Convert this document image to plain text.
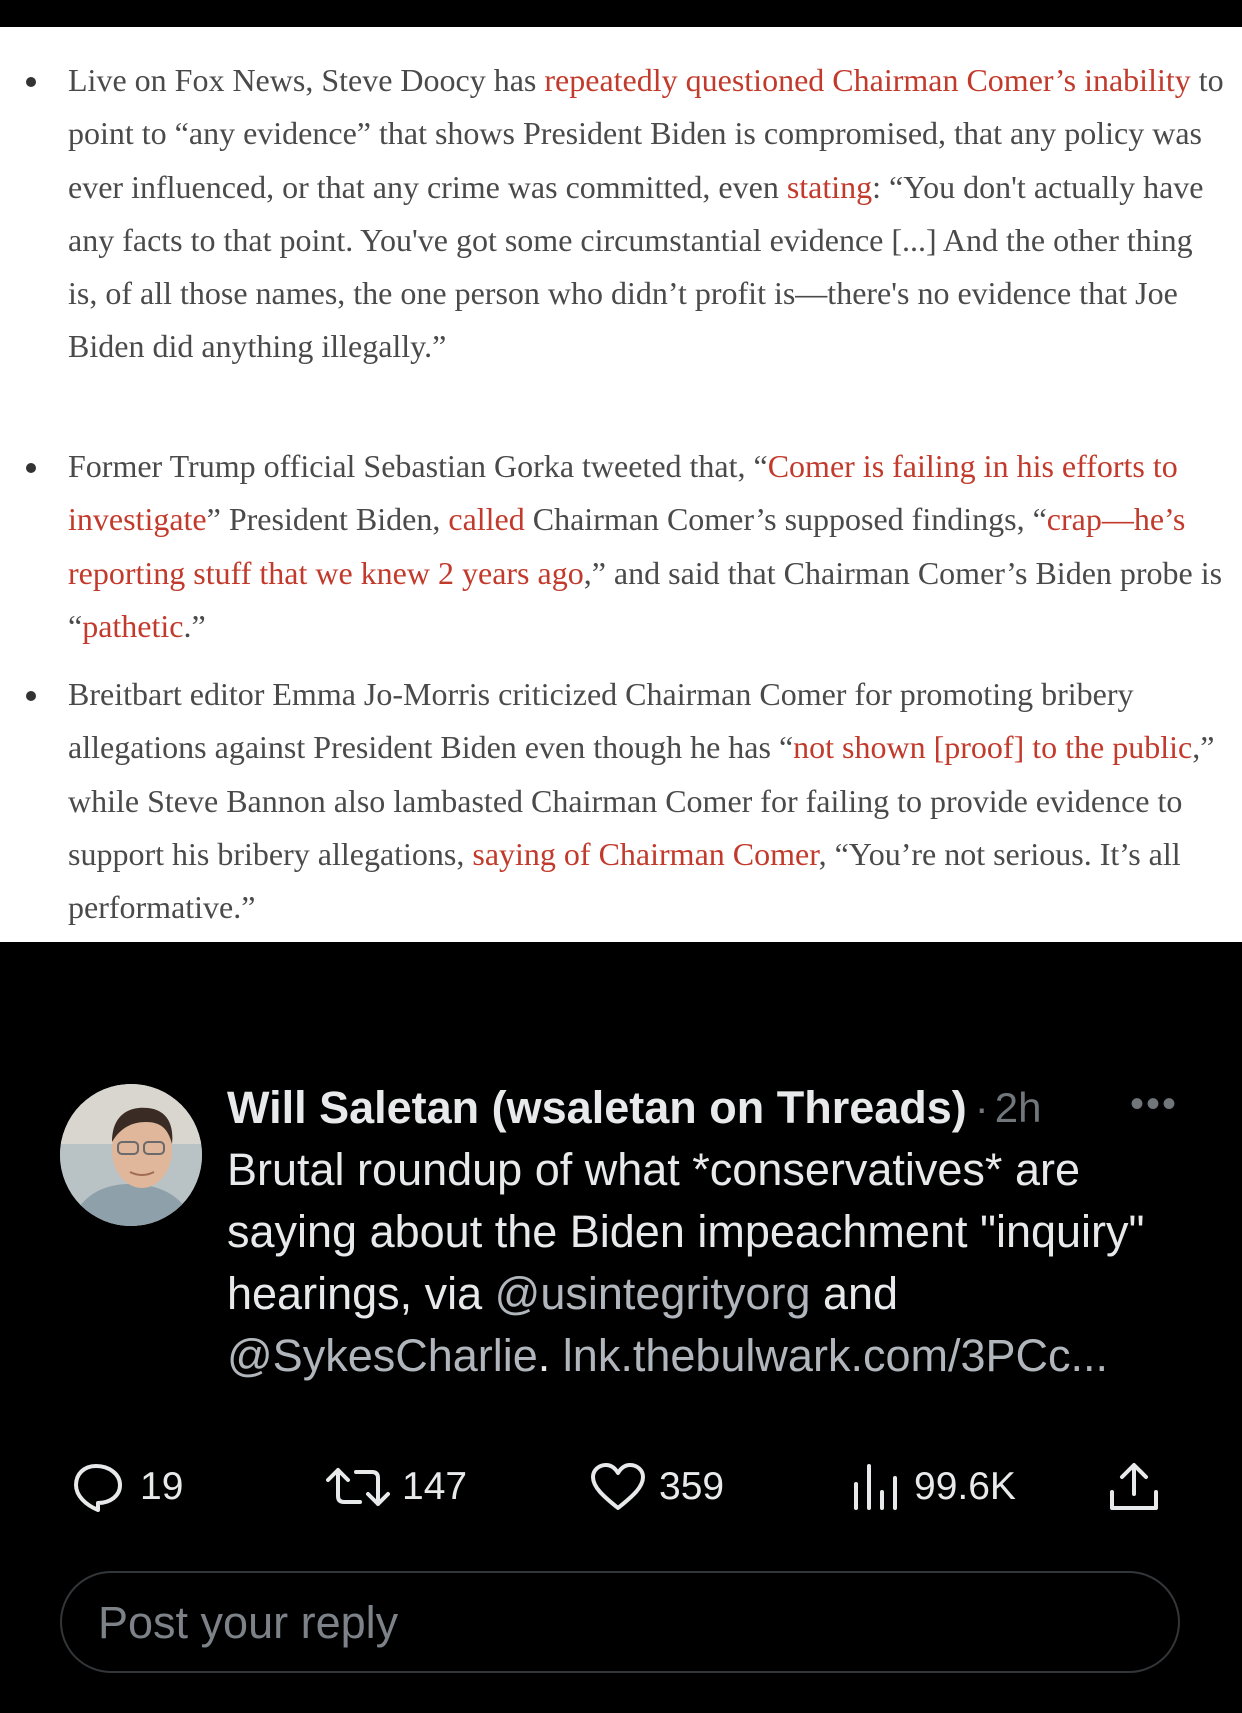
Live on Fox News, Steve Doocy has repeatedly questioned Chairman Comer’s inability to point to “any evidence” that shows President Biden is compromised, that any policy was ever influenced, or that any crime was committed, even stating: “You don't actually have any facts to that point. You've got some circumstantial evidence [...] And the other thing is, of all those names, the one person who didn’t profit is—there's no evidence that Joe Biden did anything illegally.”
Former Trump official Sebastian Gorka tweeted that, “Comer is failing in his efforts to investigate” President Biden, called Chairman Comer’s supposed findings, “crap—he’s reporting stuff that we knew 2 years ago,” and said that Chairman Comer’s Biden probe is “pathetic.”
Breitbart editor Emma Jo-Morris criticized Chairman Comer for promoting bribery allegations against President Biden even though he has “not shown [proof] to the public,” while Steve Bannon also lambasted Chairman Comer for failing to provide evidence to support his bribery allegations, saying of Chairman Comer, “You’re not serious. It’s all performative.”
Will Saletan (wsaletan on Threads) · 2h •••
Brutal roundup of what *conservatives* are saying about the Biden impeachment "inquiry" hearings, via @usintegrityorg and @SykesCharlie. lnk.thebulwark.com/3PCc...
19	147	359	99.6K
Post your reply
